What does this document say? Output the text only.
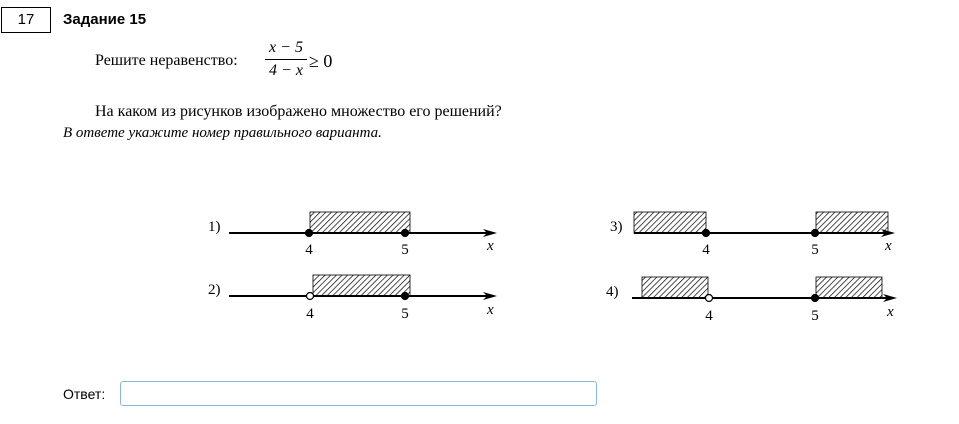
17	Задание 15
Решите неравенство:
x − 5
4 − x ≥ 0
На каком из рисунков изображено множество его решений?
В ответе укажите номер правильного варианта.
1)
4	5	x
2)
4	5	x
3)
4	5	x
4)
4	5	x
Ответ:
